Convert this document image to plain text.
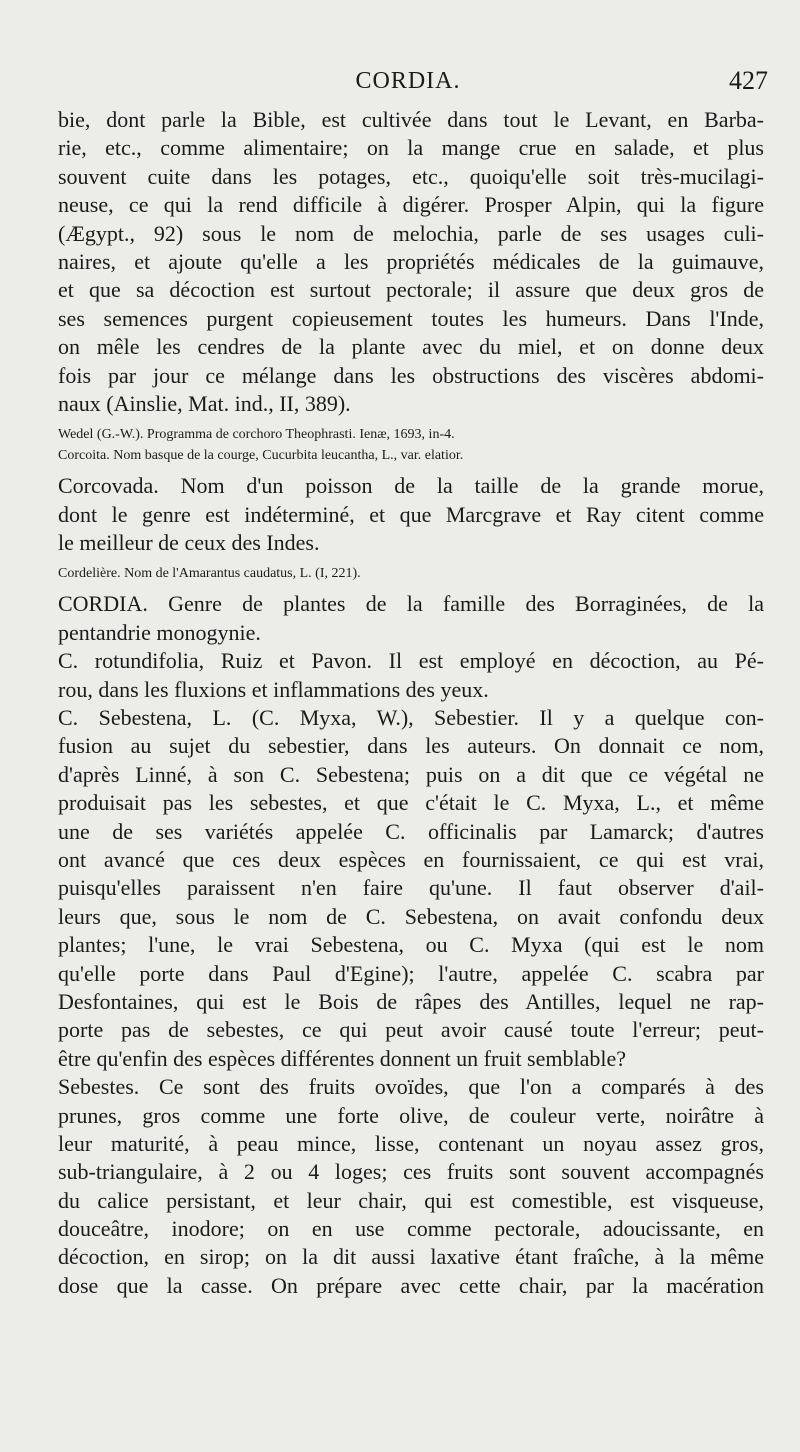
CORDIA.	427
bie, dont parle la Bible, est cultivée dans tout le Levant, en Barba-
rie, etc., comme alimentaire; on la mange crue en salade, et plus
souvent cuite dans les potages, etc., quoiqu'elle soit très-mucilagi-
neuse, ce qui la rend difficile à digérer. Prosper Alpin, qui la figure
(Ægypt., 92) sous le nom de melochia, parle de ses usages culi-
naires, et ajoute qu'elle a les propriétés médicales de la guimauve,
et que sa décoction est surtout pectorale; il assure que deux gros de
ses semences purgent copieusement toutes les humeurs. Dans l'Inde,
on mêle les cendres de la plante avec du miel, et on donne deux
fois par jour ce mélange dans les obstructions des viscères abdomi-
naux (Ainslie, Mat. ind., II, 389).
Wedel (G.-W.). Programma de corchoro Theophrasti. Ienæ, 1693, in-4.
Corcoita. Nom basque de la courge, Cucurbita leucantha, L., var. elatior.
Corcovada. Nom d'un poisson de la taille de la grande morue,
dont le genre est indéterminé, et que Marcgrave et Ray citent comme
le meilleur de ceux des Indes.
Cordelière. Nom de l'Amarantus caudatus, L. (I, 221).
CORDIA. Genre de plantes de la famille des Borraginées, de la
pentandrie monogynie.
C. rotundifolia, Ruiz et Pavon. Il est employé en décoction, au Pé-
rou, dans les fluxions et inflammations des yeux.
C. Sebestena, L. (C. Myxa, W.), Sebestier. Il y a quelque con-
fusion au sujet du sebestier, dans les auteurs. On donnait ce nom,
d'après Linné, à son C. Sebestena; puis on a dit que ce végétal ne
produisait pas les sebestes, et que c'était le C. Myxa, L., et même
une de ses variétés appelée C. officinalis par Lamarck; d'autres
ont avancé que ces deux espèces en fournissaient, ce qui est vrai,
puisqu'elles paraissent n'en faire qu'une. Il faut observer d'ail-
leurs que, sous le nom de C. Sebestena, on avait confondu deux
plantes; l'une, le vrai Sebestena, ou C. Myxa (qui est le nom
qu'elle porte dans Paul d'Egine); l'autre, appelée C. scabra par
Desfontaines, qui est le Bois de râpes des Antilles, lequel ne rap-
porte pas de sebestes, ce qui peut avoir causé toute l'erreur; peut-
être qu'enfin des espèces différentes donnent un fruit semblable?
Sebestes. Ce sont des fruits ovoïdes, que l'on a comparés à des
prunes, gros comme une forte olive, de couleur verte, noirâtre à
leur maturité, à peau mince, lisse, contenant un noyau assez gros,
sub-triangulaire, à 2 ou 4 loges; ces fruits sont souvent accompagnés
du calice persistant, et leur chair, qui est comestible, est visqueuse,
douceâtre, inodore; on en use comme pectorale, adoucissante, en
décoction, en sirop; on la dit aussi laxative étant fraîche, à la même
dose que la casse. On prépare avec cette chair, par la macération
